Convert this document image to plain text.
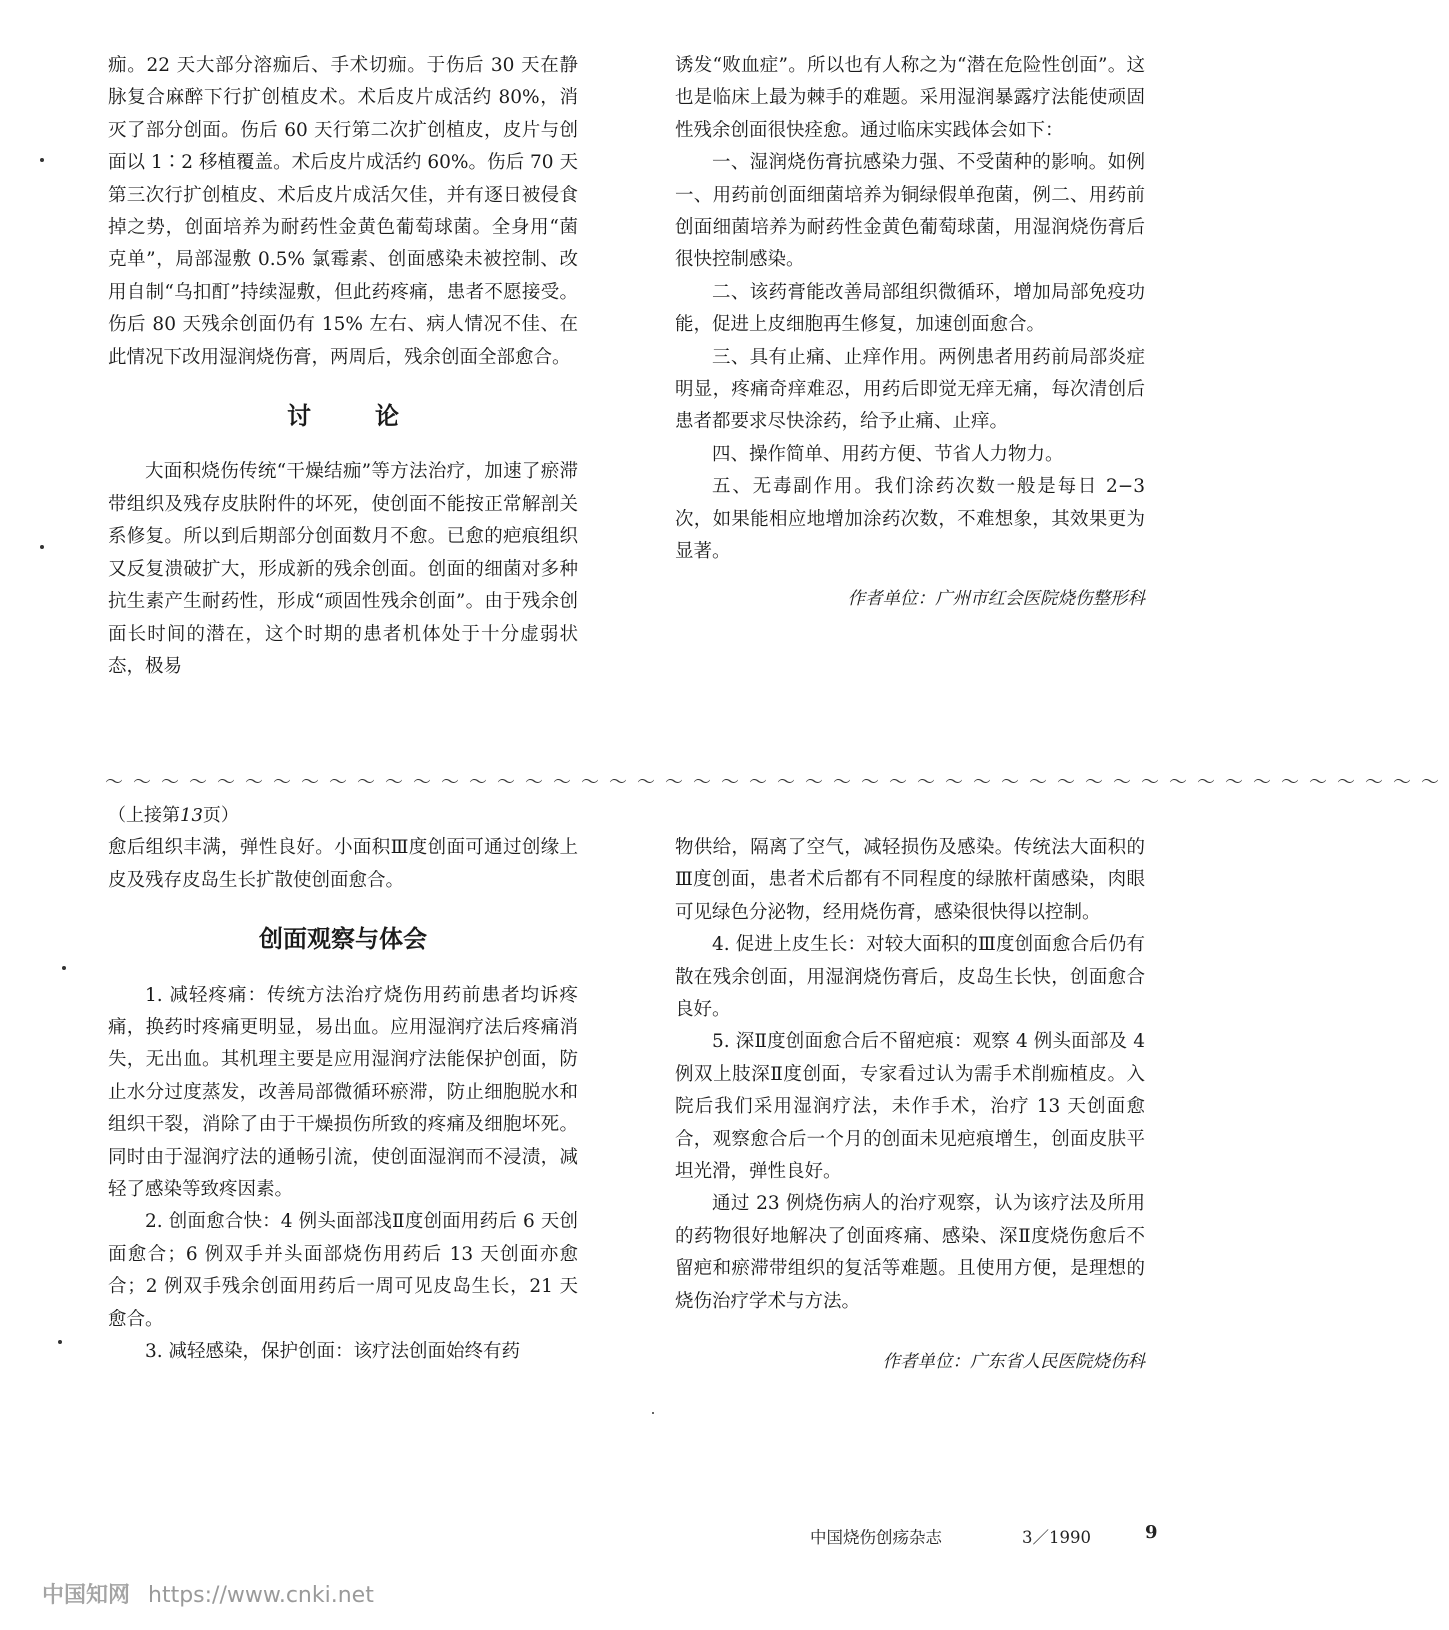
痂。22 天大部分溶痂后、手术切痂。于伤后 30 天在静脉复合麻醉下行扩创植皮术。术后皮片成活约 80%，消灭了部分创面。伤后 60 天行第二次扩创植皮，皮片与创面以 1∶2 移植覆盖。术后皮片成活约 60%。伤后 70 天第三次行扩创植皮、术后皮片成活欠佳，并有逐日被侵食掉之势，创面培养为耐药性金黄色葡萄球菌。全身用“菌克单”，局部湿敷 0.5% 氯霉素、创面感染未被控制、改用自制“乌扣酊”持续湿敷，但此药疼痛，患者不愿接受。伤后 80 天残余创面仍有 15% 左右、病人情况不佳、在此情况下改用湿润烧伤膏，两周后，残余创面全部愈合。

讨	论

大面积烧伤传统“干燥结痂”等方法治疗，加速了瘀滞带组织及残存皮肤附件的坏死，使创面不能按正常解剖关系修复。所以到后期部分创面数月不愈。已愈的疤痕组织又反复溃破扩大，形成新的残余创面。创面的细菌对多种抗生素产生耐药性，形成“顽固性残余创面”。由于残余创面长时间的潜在，这个时期的患者机体处于十分虚弱状态，极易

诱发“败血症”。所以也有人称之为“潜在危险性创面”。这也是临床上最为棘手的难题。采用湿润暴露疗法能使顽固性残余创面很快痊愈。通过临床实践体会如下：

一、湿润烧伤膏抗感染力强、不受菌种的影响。如例一、用药前创面细菌培养为铜绿假单孢菌，例二、用药前创面细菌培养为耐药性金黄色葡萄球菌，用湿润烧伤膏后很快控制感染。

二、该药膏能改善局部组织微循环，增加局部免疫功能，促进上皮细胞再生修复，加速创面愈合。

三、具有止痛、止痒作用。两例患者用药前局部炎症明显，疼痛奇痒难忍，用药后即觉无痒无痛，每次清创后患者都要求尽快涂药，给予止痛、止痒。

四、操作简单、用药方便、节省人力物力。

五、无毒副作用。我们涂药次数一般是每日 2−3 次，如果能相应地增加涂药次数，不难想象，其效果更为显著。

作者单位：广州市红会医院烧伤整形科
～～～～～～～～～～～～～～～～～～～～～～～～～～～～～～～～～～～～～～～～～～～～～～～～
（上接第13页）

愈后组织丰满，弹性良好。小面积Ⅲ度创面可通过创缘上皮及残存皮岛生长扩散使创面愈合。

创面观察与体会

1. 减轻疼痛：传统方法治疗烧伤用药前患者均诉疼痛，换药时疼痛更明显，易出血。应用湿润疗法后疼痛消失，无出血。其机理主要是应用湿润疗法能保护创面，防止水分过度蒸发，改善局部微循环瘀滞，防止细胞脱水和组织干裂，消除了由于干燥损伤所致的疼痛及细胞坏死。同时由于湿润疗法的通畅引流，使创面湿润而不浸渍，减轻了感染等致疼因素。

2. 创面愈合快：4 例头面部浅Ⅱ度创面用药后 6 天创面愈合；6 例双手并头面部烧伤用药后 13 天创面亦愈合；2 例双手残余创面用药后一周可见皮岛生长，21 天愈合。

3. 减轻感染，保护创面：该疗法创面始终有药

物供给，隔离了空气，减轻损伤及感染。传统法大面积的Ⅲ度创面，患者术后都有不同程度的绿脓杆菌感染，肉眼可见绿色分泌物，经用烧伤膏，感染很快得以控制。

4. 促进上皮生长：对较大面积的Ⅲ度创面愈合后仍有散在残余创面，用湿润烧伤膏后，皮岛生长快，创面愈合良好。

5. 深Ⅱ度创面愈合后不留疤痕：观察 4 例头面部及 4 例双上肢深Ⅱ度创面，专家看过认为需手术削痂植皮。入院后我们采用湿润疗法，未作手术，治疗 13 天创面愈合，观察愈合后一个月的创面未见疤痕增生，创面皮肤平坦光滑，弹性良好。

通过 23 例烧伤病人的治疗观察，认为该疗法及所用的药物很好地解决了创面疼痛、感染、深Ⅱ度烧伤愈后不留疤和瘀滞带组织的复活等难题。且使用方便，是理想的烧伤治疗学术与方法。

作者单位：广东省人民医院烧伤科
中国烧伤创疡杂志	3／1990	9
中国知网 https://www.cnki.net
